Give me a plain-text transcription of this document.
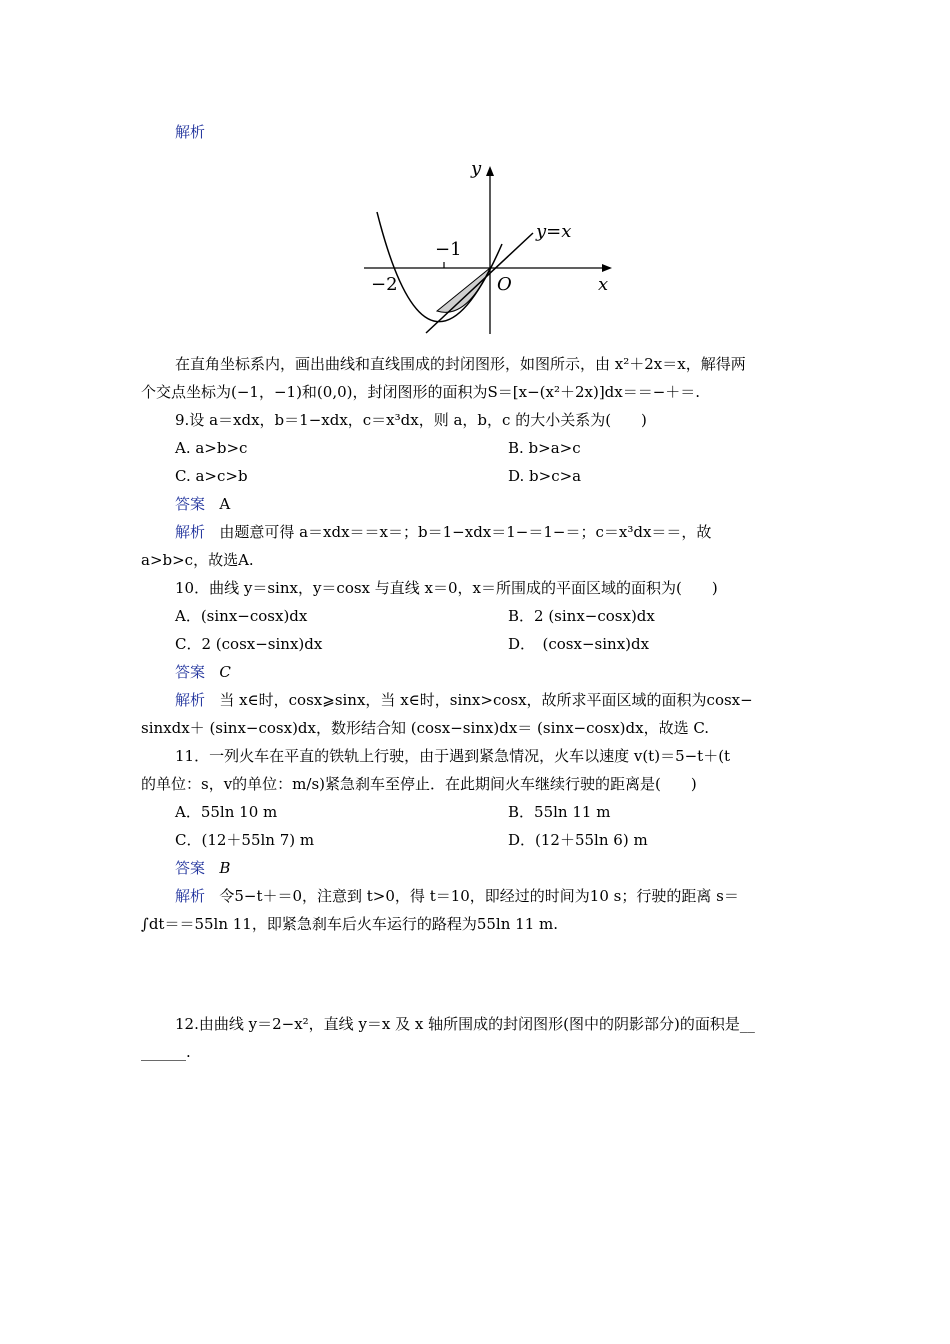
解析
y
y=x
−1
−2	O	x
在直角坐标系内，画出曲线和直线围成的封闭图形，如图所示，由 x²＋2x＝x，解得两
个交点坐标为(−1，−1)和(0,0)，封闭图形的面积为S＝[x−(x²＋2x)]dx＝＝−＋＝.
9.设 a＝xdx，b＝1−xdx，c＝x³dx，则 a，b，c 的大小关系为(　　)
A. a>b>c	B. b>a>c
C. a>c>b	D. b>c>a
答案 A
解析 由题意可得 a＝xdx＝＝x＝；b＝1−xdx＝1−＝1−＝；c＝x³dx＝＝，故
a>b>c，故选A.
10．曲线 y＝sinx，y＝cosx 与直线 x＝0，x＝所围成的平面区域的面积为(　　)
A．(sinx−cosx)dx	B．2 (sinx−cosx)dx
C．2 (cosx−sinx)dx	D．　(cosx−sinx)dx
答案 C
解析 当 x∈时，cosx⩾sinx，当 x∈时，sinx>cosx，故所求平面区域的面积为cosx−
sinxdx＋ (sinx−cosx)dx，数形结合知 (cosx−sinx)dx＝ (sinx−cosx)dx，故选 C.
11．一列火车在平直的铁轨上行驶，由于遇到紧急情况，火车以速度 v(t)＝5−t＋(t
的单位：s，v的单位：m/s)紧急刹车至停止．在此期间火车继续行驶的距离是(　　)
A．55ln 10 m	B．55ln 11 m
C．(12＋55ln 7) m	D．(12＋55ln 6) m
答案 B
解析 令5−t＋＝0，注意到 t>0，得 t＝10，即经过的时间为10 s；行驶的距离 s＝
∫dt＝＝55ln 11，即紧急刹车后火车运行的路程为55ln 11 m.
12.由曲线 y＝2−x²，直线 y＝x 及 x 轴所围成的封闭图形(图中的阴影部分)的面积是__
______.
